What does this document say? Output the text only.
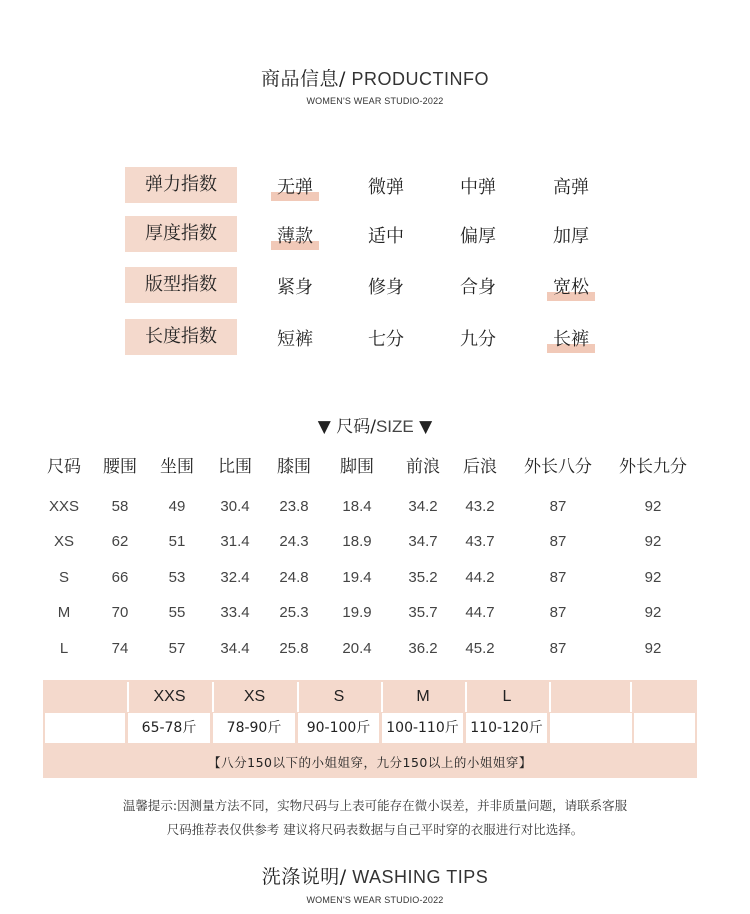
商品信息/ PRODUCTINFO
WOMEN'S WEAR STUDIO-2022
弹力指数	无弹	微弹	中弹	高弹
厚度指数	薄款	适中	偏厚	加厚
版型指数	紧身	修身	合身	宽松
长度指数	短裤	七分	九分	长裤
▼ 尺码/SIZE ▼
尺码	腰围	坐围	比围	膝围	脚围	前浪	后浪	外长八分	外长九分
XXS	58	49	30.4	23.8	18.4	34.2	43.2	87	92
XS	62	51	31.4	24.3	18.9	34.7	43.7	87	92
S	66	53	32.4	24.8	19.4	35.2	44.2	87	92
M	70	55	33.4	25.3	19.9	35.7	44.7	87	92
L	74	57	34.4	25.8	20.4	36.2	45.2	87	92
XXS	XS	S	M	L
65-78斤	78-90斤	90-100斤	100-110斤 110-120斤
【八分150以下的小姐姐穿，九分150以上的小姐姐穿】
温馨提示:因测量方法不同，实物尺码与上表可能存在微小误差，并非质量问题，请联系客服
尺码推荐表仅供参考 建议将尺码表数据与自己平时穿的衣服进行对比选择。
洗涤说明/ WASHING TIPS
WOMEN'S WEAR STUDIO-2022
